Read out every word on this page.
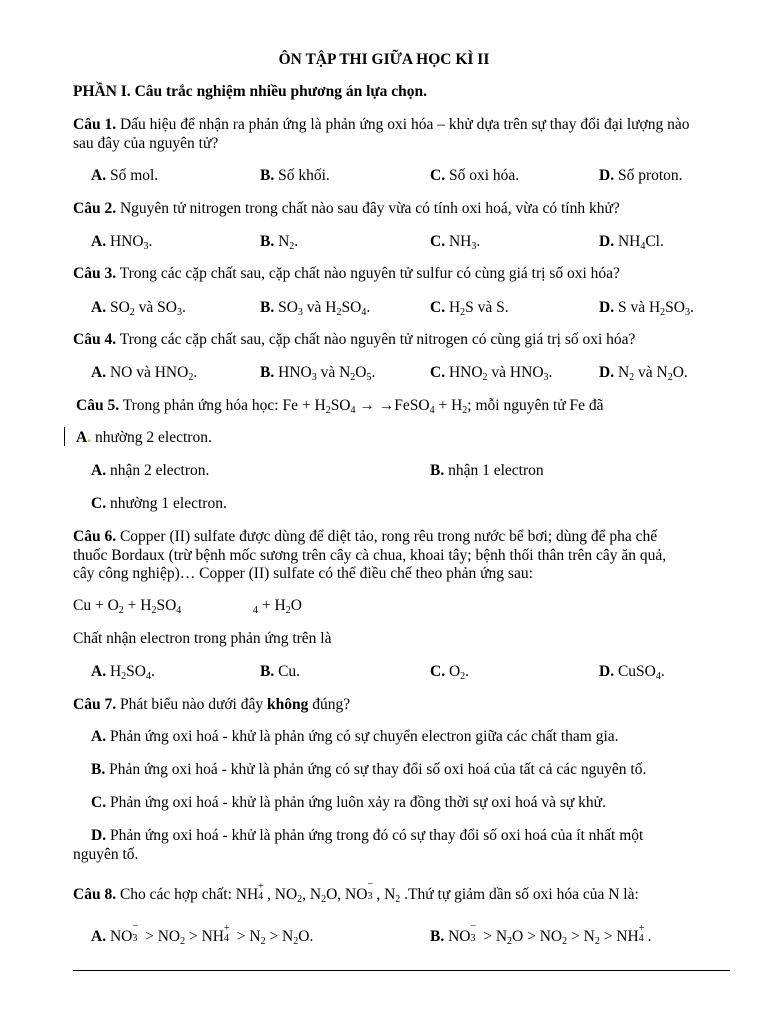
ÔN TẬP THI GIỮA HỌC KÌ II
PHẦN I. Câu trắc nghiệm nhiều phương án lựa chọn.
Câu 1. Dấu hiệu để nhận ra phản ứng là phản ứng oxi hóa – khử dựa trên sự thay đổi đại lượng nào
sau đây của nguyên tử?
A. Số mol.	B. Số khối.	C. Số oxi hóa.	D. Số proton.
Câu 2. Nguyên tử nitrogen trong chất nào sau đây vừa có tính oxi hoá, vừa có tính khử?
A. $HNO_3$.	B. $N_2$.	C. $NH_3$.	D. $NH_4Cl$.
Câu 3. Trong các cặp chất sau, cặp chất nào nguyên tử sulfur có cùng giá trị số oxi hóa?
A. $SO_2$ và $SO_3$.	B. $SO_3$ và $H_2SO_4$.	C. $H_2S$ và S.	D. S và $H_2SO_3$.
Câu 4. Trong các cặp chất sau, cặp chất nào nguyên tử nitrogen có cùng giá trị số oxi hóa?
A. NO và $HNO_2$.	B. $HNO_3$ và $N_2O_5$.	C. $HNO_2$ và $HNO_3$.	D. $N_2$ và $N_2O$.
Câu 5. Trong phản ứng hóa học: $Fe + H_2SO_4$ → →FeSO$_4$ + $H_2$; mỗi nguyên tử Fe đã
A. nhường 2 electron.
A. nhận 2 electron.	B. nhận 1 electron
C. nhường 1 electron.
Câu 6. Copper (II) sulfate được dùng để diệt tảo, rong rêu trong nước bể bơi; dùng để pha chế
thuốc Bordaux (trừ bệnh mốc sương trên cây cà chua, khoai tây; bệnh thối thân trên cây ăn quả,
cây công nghiệp)… Copper (II) sulfate có thể điều chế theo phản ứng sau:
$Cu + O_2 + H_2SO_4$	$_4 + H_2O$
Chất nhận electron trong phản ứng trên là
A. $H_2SO_4$.	B. Cu.	C. $O_2$.	D. CuSO$_4$.
Câu 7. Phát biểu nào dưới đây không đúng?
A. Phản ứng oxi hoá - khử là phản ứng có sự chuyển electron giữa các chất tham gia.
B. Phản ứng oxi hoá - khử là phản ứng có sự thay đổi số oxi hoá của tất cả các nguyên tố.
C. Phản ứng oxi hoá - khử là phản ứng luôn xảy ra đồng thời sự oxi hoá và sự khử.
D. Phản ứng oxi hoá - khử là phản ứng trong đó có sự thay đổi số oxi hoá của ít nhất một
nguyên tố.
Câu 8. Cho các hợp chất: NH +
4 , $NO_2$, $N_2O$, NO
−
3 , $N_2$ .Thứ tự giảm dần số oxi hóa của N là:
A. NO
−
$3 > NO_2$ > NH +
$4 > N_2 > N_2O$.	B. NO
−
$3 > N_2O > NO_2 > N_2$ > NH +
4 .
